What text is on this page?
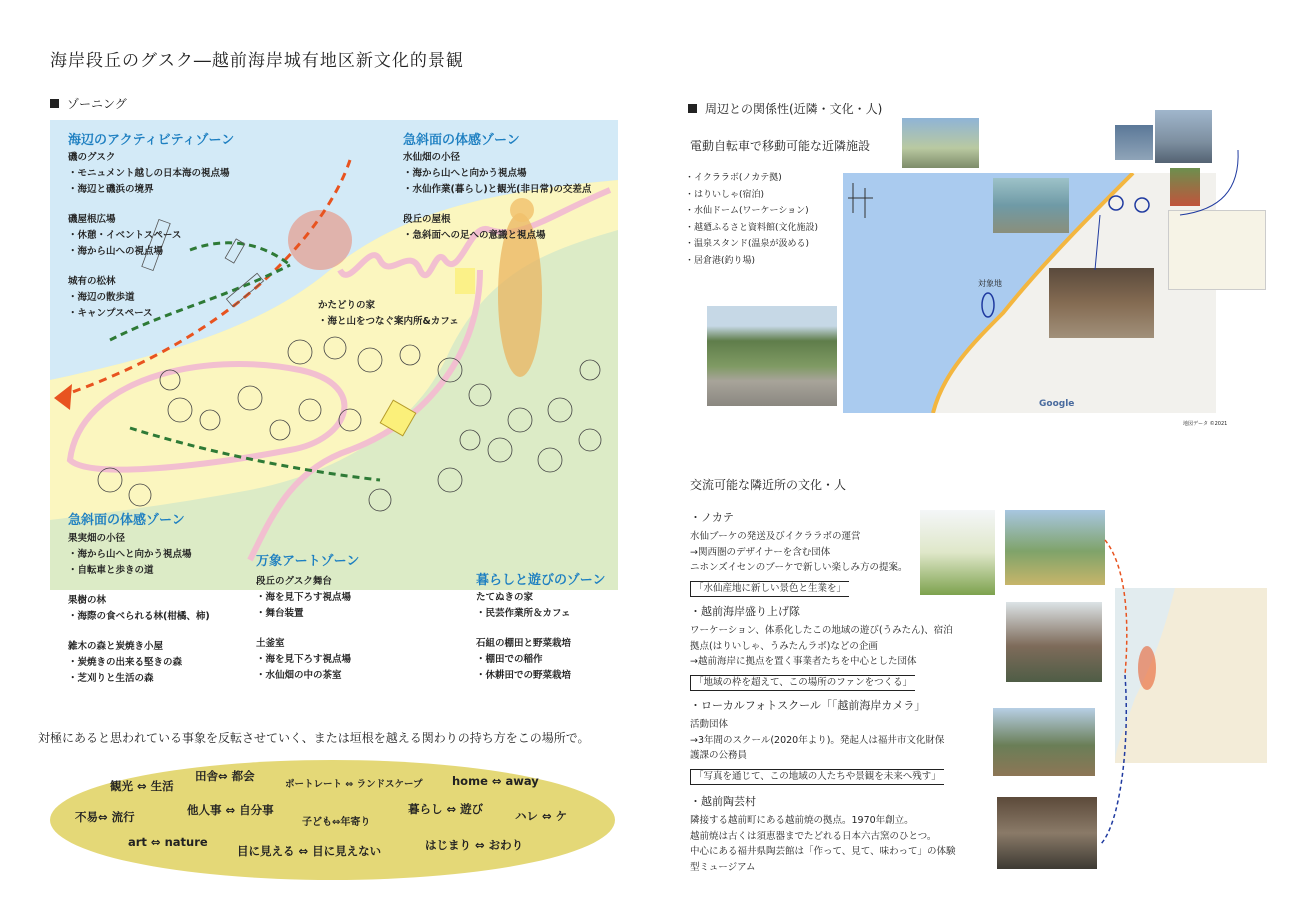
海岸段丘のグスク―越前海岸城有地区新文化的景観
ゾーニング
海辺のアクティビティゾーン
磯のグスク
・モニュメント越しの日本海の視点場
・海辺と磯浜の境界
磯屋根広場
・休憩・イベントスペース
・海から山への視点場
城有の松林
・海辺の散歩道
・キャンプスペース
急斜面の体感ゾーン
水仙畑の小径
・海から山へと向かう視点場
・水仙作業(暮らし)と観光(非日常)の交差点
段丘の屋根
・急斜面への足への意識と視点場
かたどりの家
・海と山をつなぐ案内所&カフェ
急斜面の体感ゾーン
果実畑の小径
・海から山へと向かう視点場
・自転車と歩きの道
果樹の林
・海際の食べられる林(柑橘、柿)
雑木の森と炭焼き小屋
・炭焼きの出来る堅きの森
・芝刈りと生活の森
万象アートゾーン
段丘のグスク舞台
・海を見下ろす視点場
・舞台装置
土釜室
・海を見下ろす視点場
・水仙畑の中の茶室
暮らしと遊びのゾーン
たてぬきの家
・民芸作業所＆カフェ
石組の棚田と野菜栽培
・棚田での稲作
・休耕田での野菜栽培
対極にあると思われている事象を反転させていく、または垣根を越える関わりの持ち方をこの場所で。
観光 ⇔ 生活
田舎⇔ 都会
ポートレート ⇔ ランドスケープ	home ⇔ away
不易⇔ 流行	他人事 ⇔ 自分事
子ども⇔年寄り
暮らし ⇔ 遊び	ハレ ⇔ ケ
art ⇔ nature
目に見える ⇔ 目に見えない	はじまり ⇔ おわり
周辺との関係性(近隣・文化・人)
電動自転車で移動可能な近隣施設
・イクララボ(ノカテ拠)
・はりいしゃ(宿泊)
・水仙ドーム(ワーケーション)
・越廼ふるさと資料館(文化施設)
・温泉スタンド(温泉が汲める)
・居倉港(釣り場)
対象地
Google
地図データ ©2021
交流可能な隣近所の文化・人
・ノカテ
水仙ブーケの発送及びイクララボの運営
→関西圏のデザイナーを含む団体
ニホンズイセンのブーケで新しい楽しみ方の提案。
「水仙産地に新しい景色と生業を」
・越前海岸盛り上げ隊
ワーケーション、体系化したこの地域の遊び(うみたん)、宿泊
拠点(はりいしゃ、うみたんラボ)などの企画
→越前海岸に拠点を置く事業者たちを中心とした団体
「地域の枠を超えて、この場所のファンをつくる」
・ローカルフォトスクール「「越前海岸カメラ」
活動団体
→3年間のスクール(2020年より)。発起人は福井市文化財保
護課の公務員
「写真を通じて、この地域の人たちや景観を未来へ残す」
・越前陶芸村
隣接する越前町にある越前焼の拠点。1970年創立。
越前焼は古くは須恵器までたどれる日本六古窯のひとつ。
中心にある福井県陶芸館は「作って、見て、味わって」の体験
型ミュージアム
